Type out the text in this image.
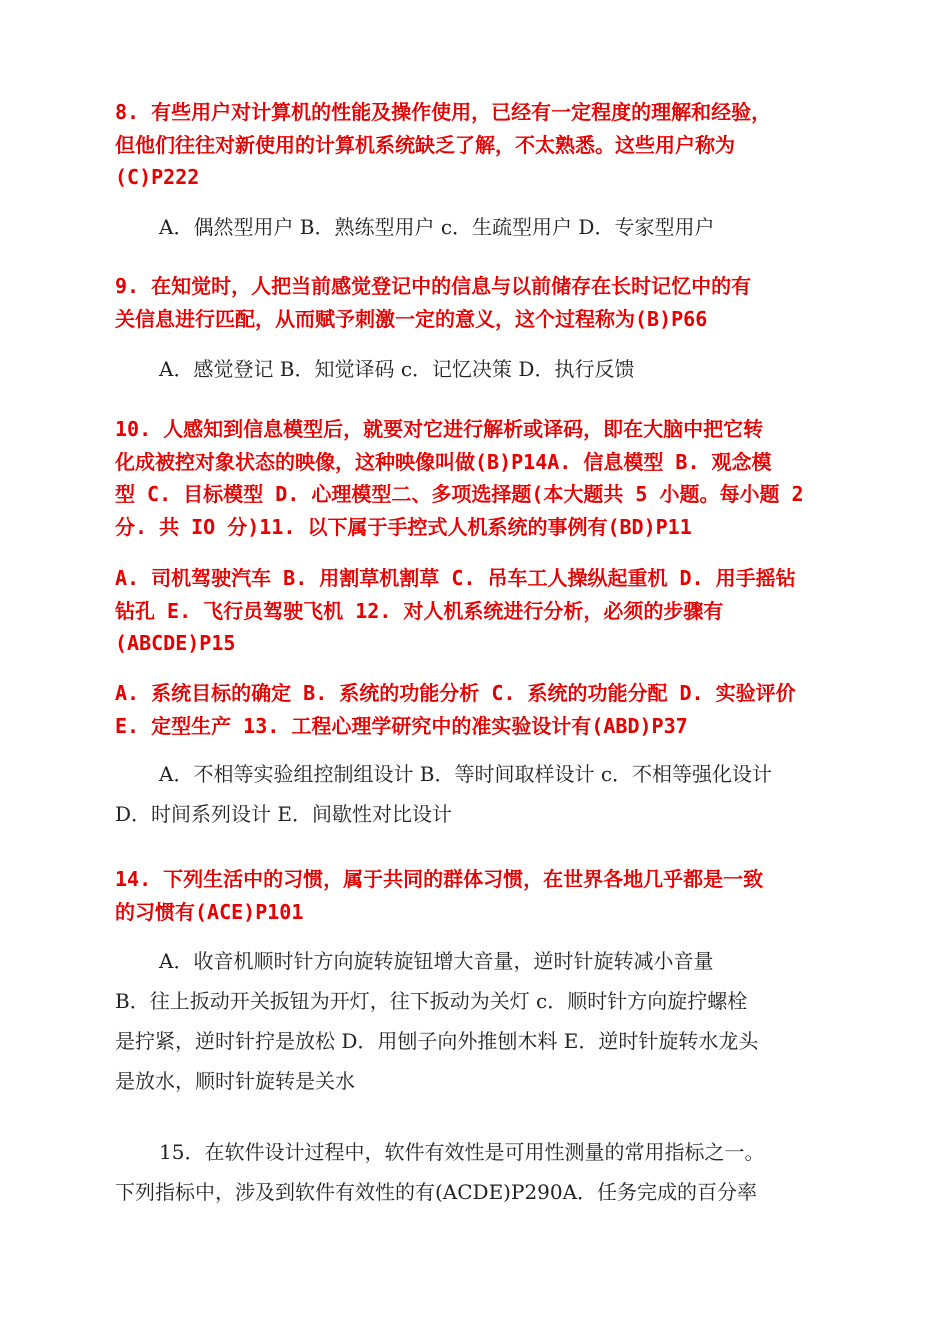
8. 有些用户对计算机的性能及操作使用，已经有一定程度的理解和经验，
但他们往往对新使用的计算机系统缺乏了解，不太熟悉。这些用户称为
(C)P222

A．偶然型用户 B．熟练型用户 c．生疏型用户 D．专家型用户

9. 在知觉时，人把当前感觉登记中的信息与以前储存在长时记忆中的有
关信息进行匹配，从而赋予刺激一定的意义，这个过程称为(B)P66

A．感觉登记 B．知觉译码 c．记忆决策 D．执行反馈

10. 人感知到信息模型后，就要对它进行解析或译码，即在大脑中把它转
化成被控对象状态的映像，这种映像叫做(B)P14A. 信息模型 B. 观念模
型 C. 目标模型 D. 心理模型二、多项选择题(本大题共 5 小题。每小题 2
分. 共 IO 分)11. 以下属于手控式人机系统的事例有(BD)P11

A. 司机驾驶汽车 B. 用割草机割草 C. 吊车工人操纵起重机 D. 用手摇钻
钻孔 E. 飞行员驾驶飞机 12. 对人机系统进行分析，必须的步骤有
(ABCDE)P15

A. 系统目标的确定 B. 系统的功能分析 C. 系统的功能分配 D. 实验评价
E. 定型生产 13. 工程心理学研究中的准实验设计有(ABD)P37

A．不相等实验组控制组设计 B．等时间取样设计 c．不相等强化设计
D．时间系列设计 E．间歇性对比设计

14. 下列生活中的习惯，属于共同的群体习惯，在世界各地几乎都是一致
的习惯有(ACE)P101

A．收音机顺时针方向旋转旋钮增大音量，逆时针旋转减小音量
B．往上扳动开关扳钮为开灯，往下扳动为关灯 c．顺时针方向旋拧螺栓
是拧紧，逆时针拧是放松 D．用刨子向外推刨木料 E．逆时针旋转水龙头
是放水，顺时针旋转是关水

15．在软件设计过程中，软件有效性是可用性测量的常用指标之一。
下列指标中，涉及到软件有效性的有(ACDE)P290A．任务完成的百分率
